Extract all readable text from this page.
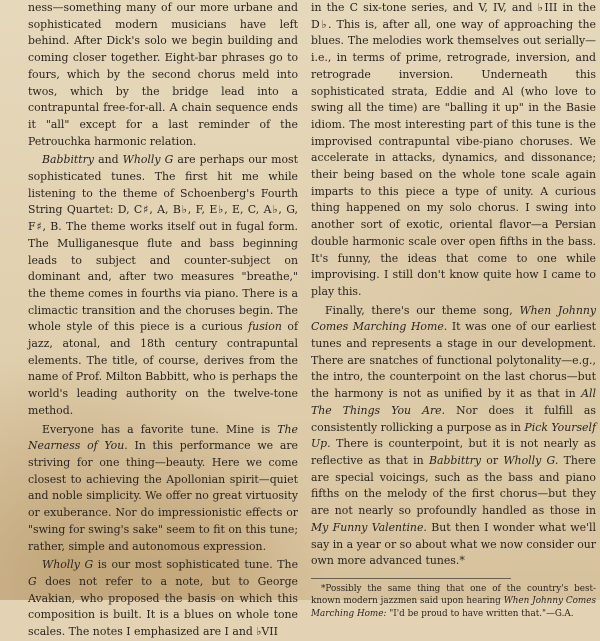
ness—something many of our more urbane and sophisticated modern musicians have left behind. After Dick's solo we begin building and coming closer together. Eight-bar phrases go to fours, which by the second chorus meld into twos, which by the bridge lead into a contrapuntal free-for-all. A chain sequence ends it "all" except for a last reminder of the Petrouchka harmonic relation.

Babbittry and Wholly G are perhaps our most sophisticated tunes. The first hit me while listening to the theme of Schoenberg's Fourth String Quartet: D, C♯, A, B♭, F, E♭, E, C, A♭, G, F♯, B. The theme works itself out in fugal form. The Mulliganesque flute and bass beginning leads to subject and counter-subject on dominant and, after two measures "breathe," the theme comes in fourths via piano. There is a climactic transition and the choruses begin. The whole style of this piece is a curious fusion of jazz, atonal, and 18th century contrapuntal elements. The title, of course, derives from the name of Prof. Milton Babbitt, who is perhaps the world's leading authority on the twelve-tone method.

Everyone has a favorite tune. Mine is The Nearness of You. In this performance we are striving for one thing—beauty. Here we come closest to achieving the Apollonian spirit—quiet and noble simplicity. We offer no great virtuosity or exuberance. Nor do impressionistic effects or "swing for swing's sake" seem to fit on this tune; rather, simple and autonomous expression.

Wholly G is our most sophisticated tune. The G does not refer to a note, but to George Avakian, who proposed the basis on which this composition is built. It is a blues on whole tone scales. The notes I emphasized are I and ♭VII

in the C six-tone series, and V, IV, and ♭III in the D♭. This is, after all, one way of approaching the blues. The melodies work themselves out serially—i.e., in terms of prime, retrograde, inversion, and retrograde inversion. Underneath this sophisticated strata, Eddie and Al (who love to swing all the time) are "balling it up" in the Basie idiom. The most interesting part of this tune is the improvised contrapuntal vibe-piano choruses. We accelerate in attacks, dynamics, and dissonance; their being based on the whole tone scale again imparts to this piece a type of unity. A curious thing happened on my solo chorus. I swing into another sort of exotic, oriental flavor—a Persian double harmonic scale over open fifths in the bass. It's funny, the ideas that come to one while improvising. I still don't know quite how I came to play this.

Finally, there's our theme song, When Johnny Comes Marching Home. It was one of our earliest tunes and represents a stage in our development. There are snatches of functional polytonality—e.g., the intro, the counterpoint on the last chorus—but the harmony is not as unified by it as that in All The Things You Are. Nor does it fulfill as consistently rollicking a purpose as in Pick Yourself Up. There is counterpoint, but it is not nearly as reflective as that in Babbittry or Wholly G. There are special voicings, such as the bass and piano fifths on the melody of the first chorus—but they are not nearly so profoundly handled as those in My Funny Valentine. But then I wonder what we'll say in a year or so about what we now consider our own more advanced tunes.*

*Possibly the same thing that one of the country's best-known modern jazzmen said upon hearing When Johnny Comes Marching Home: "I'd be proud to have written that."—G.A.
